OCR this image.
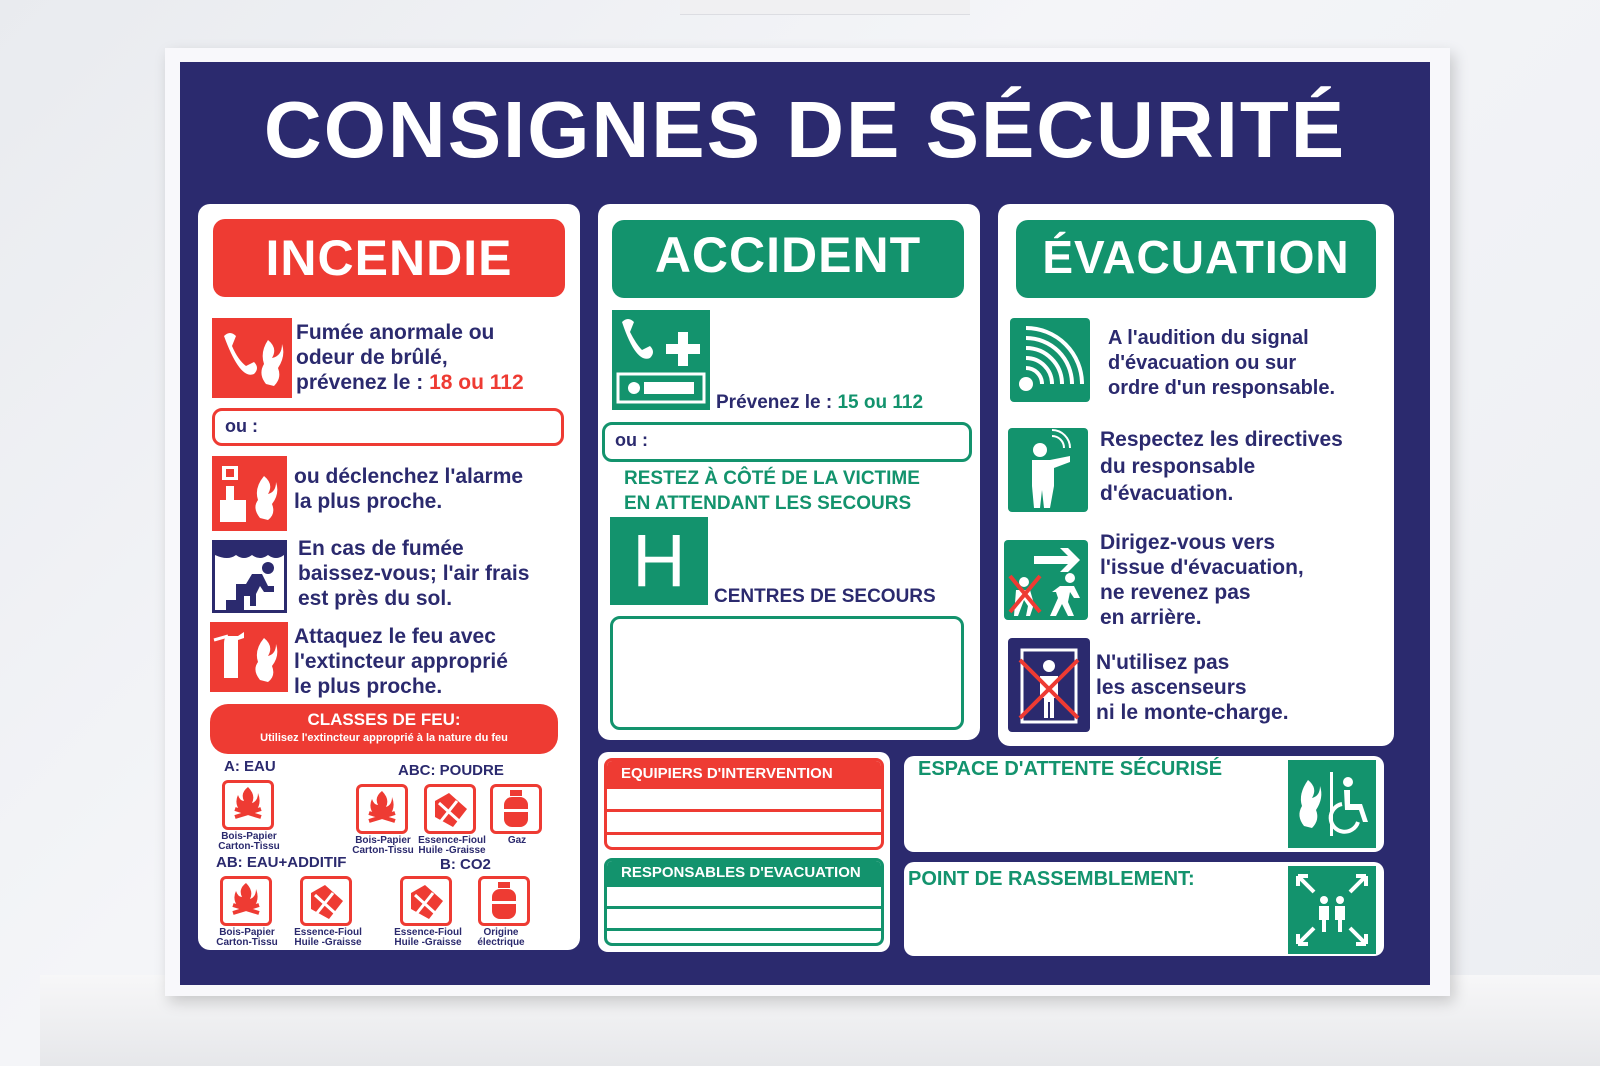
CONSIGNES DE SÉCURITÉ
INCENDIE
Fumée anormale ou
odeur de brûlé,
prévenez le : 18 ou 112
ou :
ou déclenchez l'alarme
la plus proche.
En cas de fumée
baissez-vous; l'air frais
est près du sol.
Attaquez le feu avec
l'extincteur approprié
le plus proche.
CLASSES DE FEU:
Utilisez l'extincteur approprié à la nature du feu
A: EAU	ABC: POUDRE
Bois-Papier
Carton-Tissu
Bois-Papier
Carton-Tissu
Essence-Fioul
Huile -Graisse
Gaz
AB: EAU+ADDITIF	B: CO2
Bois-Papier
Carton-Tissu
Essence-Fioul
Huile -Graisse
Essence-Fioul
Huile -Graisse
Origine
électrique
ACCIDENT
Prévenez le : 15 ou 112
ou :
RESTEZ À CÔTÉ DE LA VICTIME
EN ATTENDANT LES SECOURS
H	CENTRES DE SECOURS
ÉVACUATION
A l'audition du signal
d'évacuation ou sur
ordre d'un responsable.
Respectez les directives
du responsable
d'évacuation.
Dirigez-vous vers
l'issue d'évacuation,
ne revenez pas
en arrière.
N'utilisez pas
les ascenseurs
ni le monte-charge.
EQUIPIERS D'INTERVENTION
RESPONSABLES D'EVACUATION
ESPACE D'ATTENTE SÉCURISÉ
POINT DE RASSEMBLEMENT:
